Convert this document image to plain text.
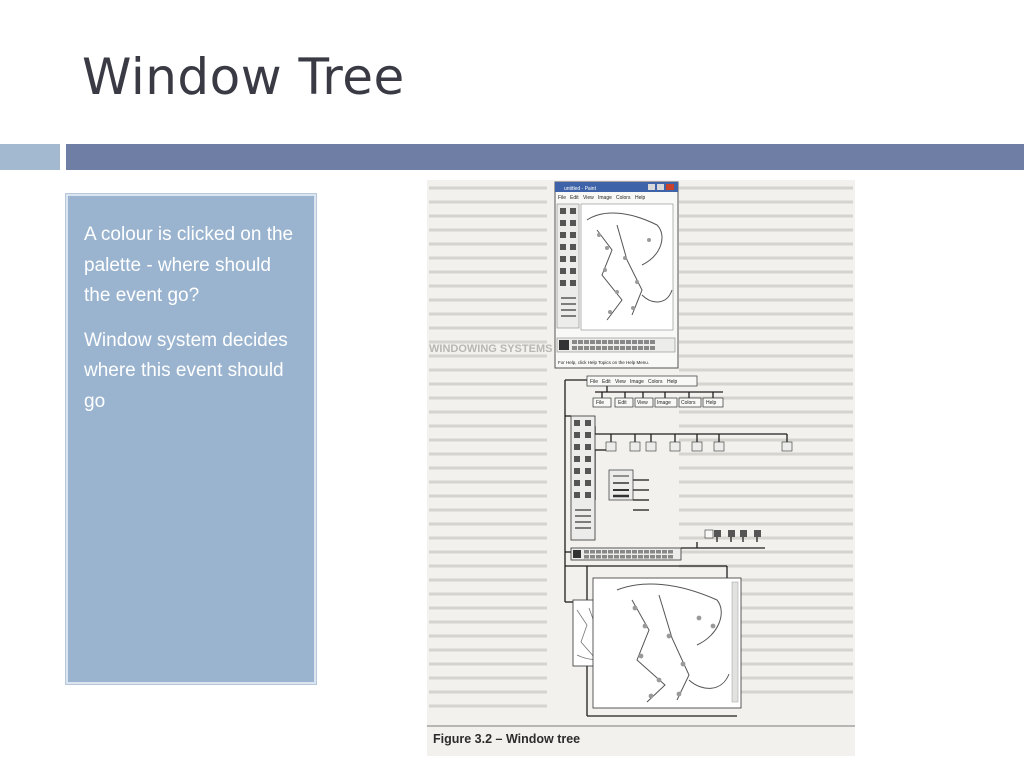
Window Tree

A colour is clicked on the palette - where should the event go?

Window system decides where this event should go

WINDOWING SYSTEMS
untitled - Paint
File Edit View Image Colors Help
For Help, click Help Topics on the Help Menu.
File Edit View Image Colors Help
File	Edit View Image Colors Help

Figure 3.2 – Window tree
